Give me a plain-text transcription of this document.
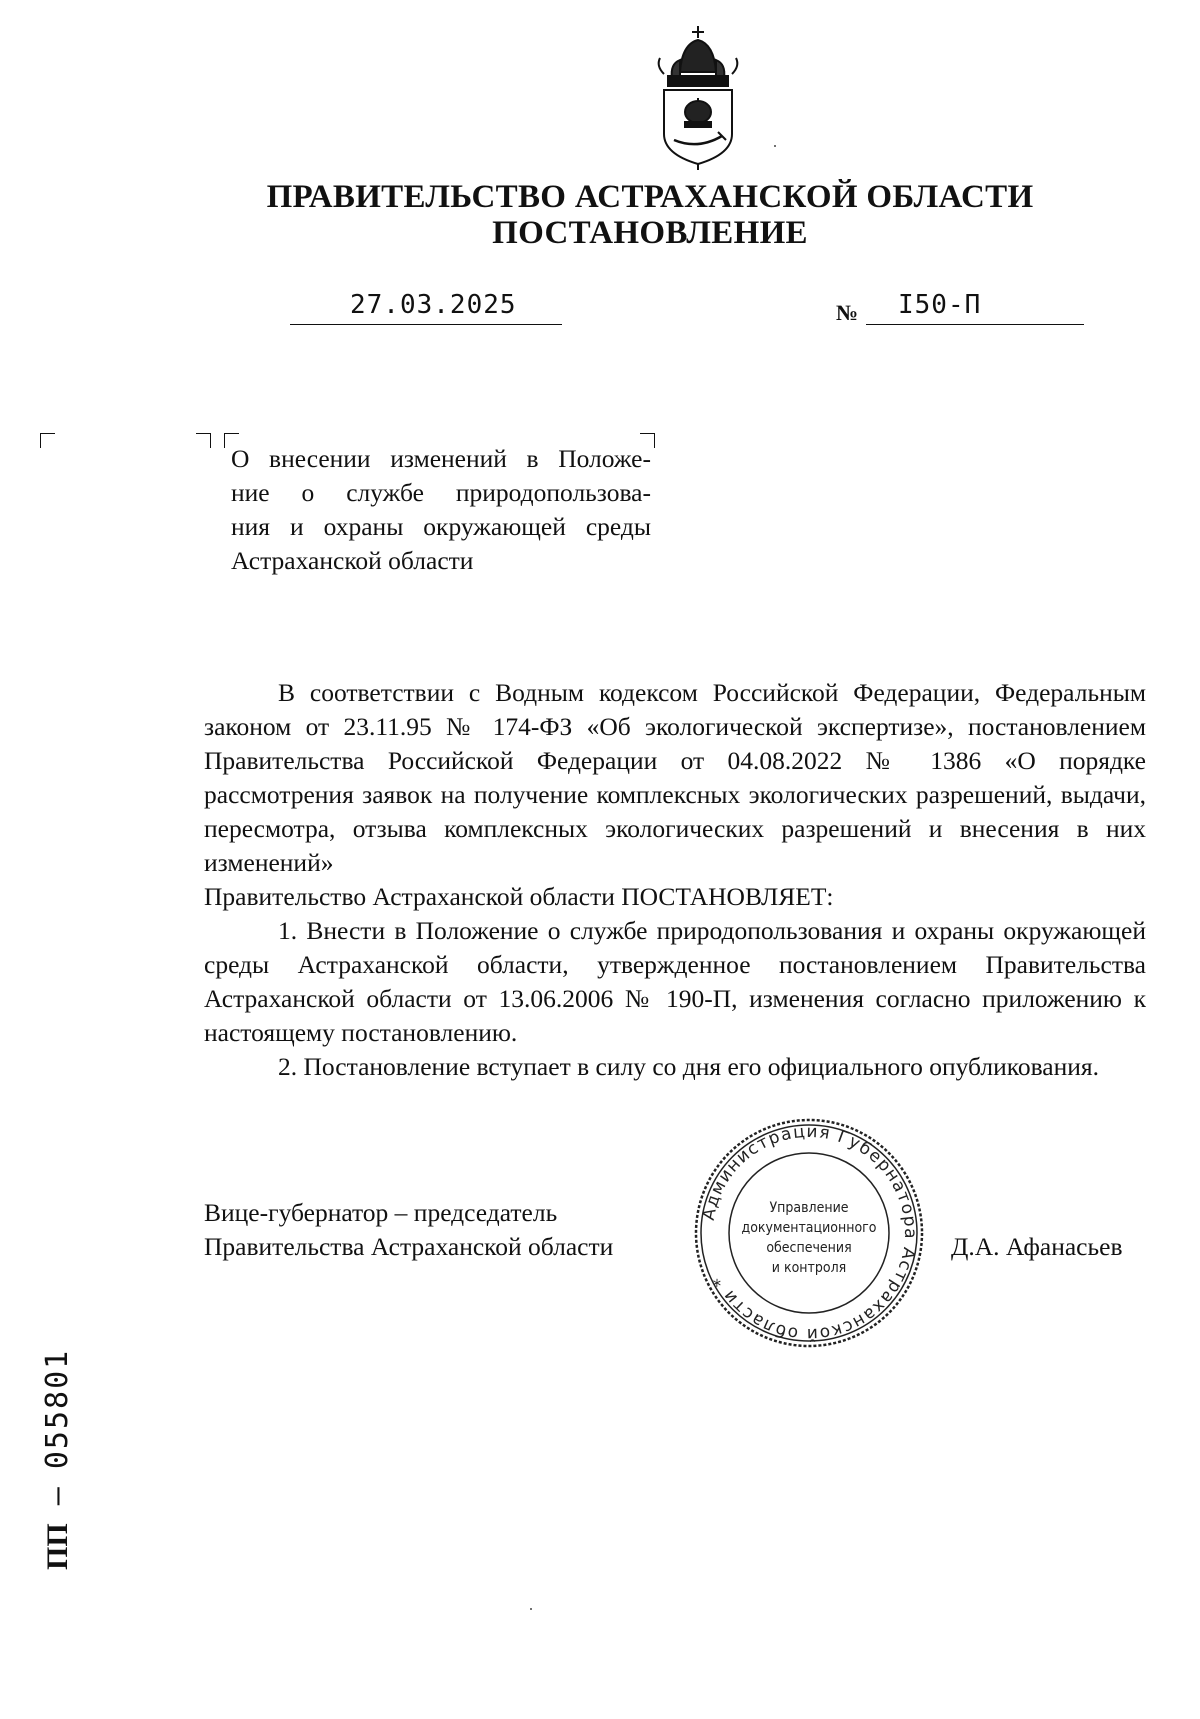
ПРАВИТЕЛЬСТВО АСТРАХАНСКОЙ ОБЛАСТИ
ПОСТАНОВЛЕНИЕ
27.03.2025	№ I50-П
О внесении изменений в Положе-
ние о службе природопользова-
ния и охраны окружающей среды
Астраханской области

В соответствии с Водным кодексом Российской Федерации, Федеральным законом от 23.11.95 № 174-ФЗ «Об экологической экспертизе», постановлением Правительства Российской Федерации от 04.08.2022 № 1386 «О порядке рассмотрения заявок на получение комплексных экологических разрешений, выдачи, пересмотра, отзыва комплексных экологических разрешений и внесения в них изменений»

Правительство Астраханской области ПОСТАНОВЛЯЕТ:

1. Внести в Положение о службе природопользования и охраны окружающей среды Астраханской области, утвержденное постановлением Правительства Астраханской области от 13.06.2006 № 190-П, изменения согласно приложению к настоящему постановлению.

2. Постановление вступает в силу со дня его официального опубликования.

Вице-губернатор – председатель
Правительства Астраханской области	Д.А. Афанасьев
Администрация Губернатора Астраханской области *
Управление
документационного
обеспечения
и контроля
ПП – 055801
